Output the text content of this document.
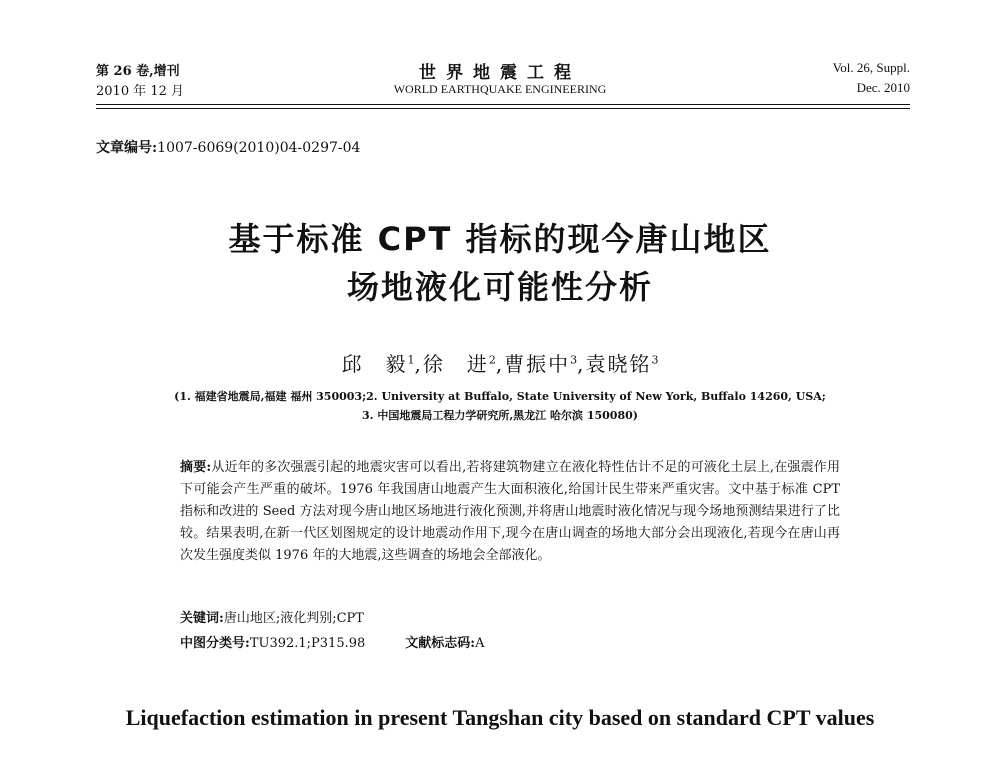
第 26 卷,增刊
2010 年 12 月
世界地震工程
WORLD EARTHQUAKE ENGINEERING
Vol. 26, Suppl.
Dec. 2010
文章编号:1007-6069(2010)04-0297-04
基于标准 CPT 指标的现今唐山地区
场地液化可能性分析
邱　毅$^1$,徐　进$^2$,曹振中$^3$,袁晓铭$^3$
(1. 福建省地震局,福建 福州 350003;2. University at Buffalo, State University of New York, Buffalo 14260, USA;
3. 中国地震局工程力学研究所,黑龙江 哈尔滨 150080)
摘要:从近年的多次强震引起的地震灾害可以看出,若将建筑物建立在液化特性估计不足的可液化土层上,在强震作用下可能会产生严重的破坏。1976 年我国唐山地震产生大面积液化,给国计民生带来严重灾害。文中基于标准 CPT 指标和改进的 Seed 方法对现今唐山地区场地进行液化预测,并将唐山地震时液化情况与现今场地预测结果进行了比较。结果表明,在新一代区划图规定的设计地震动作用下,现今在唐山调查的场地大部分会出现液化,若现今在唐山再次发生强度类似 1976 年的大地震,这些调查的场地会全部液化。
关键词:唐山地区;液化判别;CPT
中图分类号:TU392.1;P315.98	文献标志码:A
Liquefaction estimation in present Tangshan city based on standard CPT values
